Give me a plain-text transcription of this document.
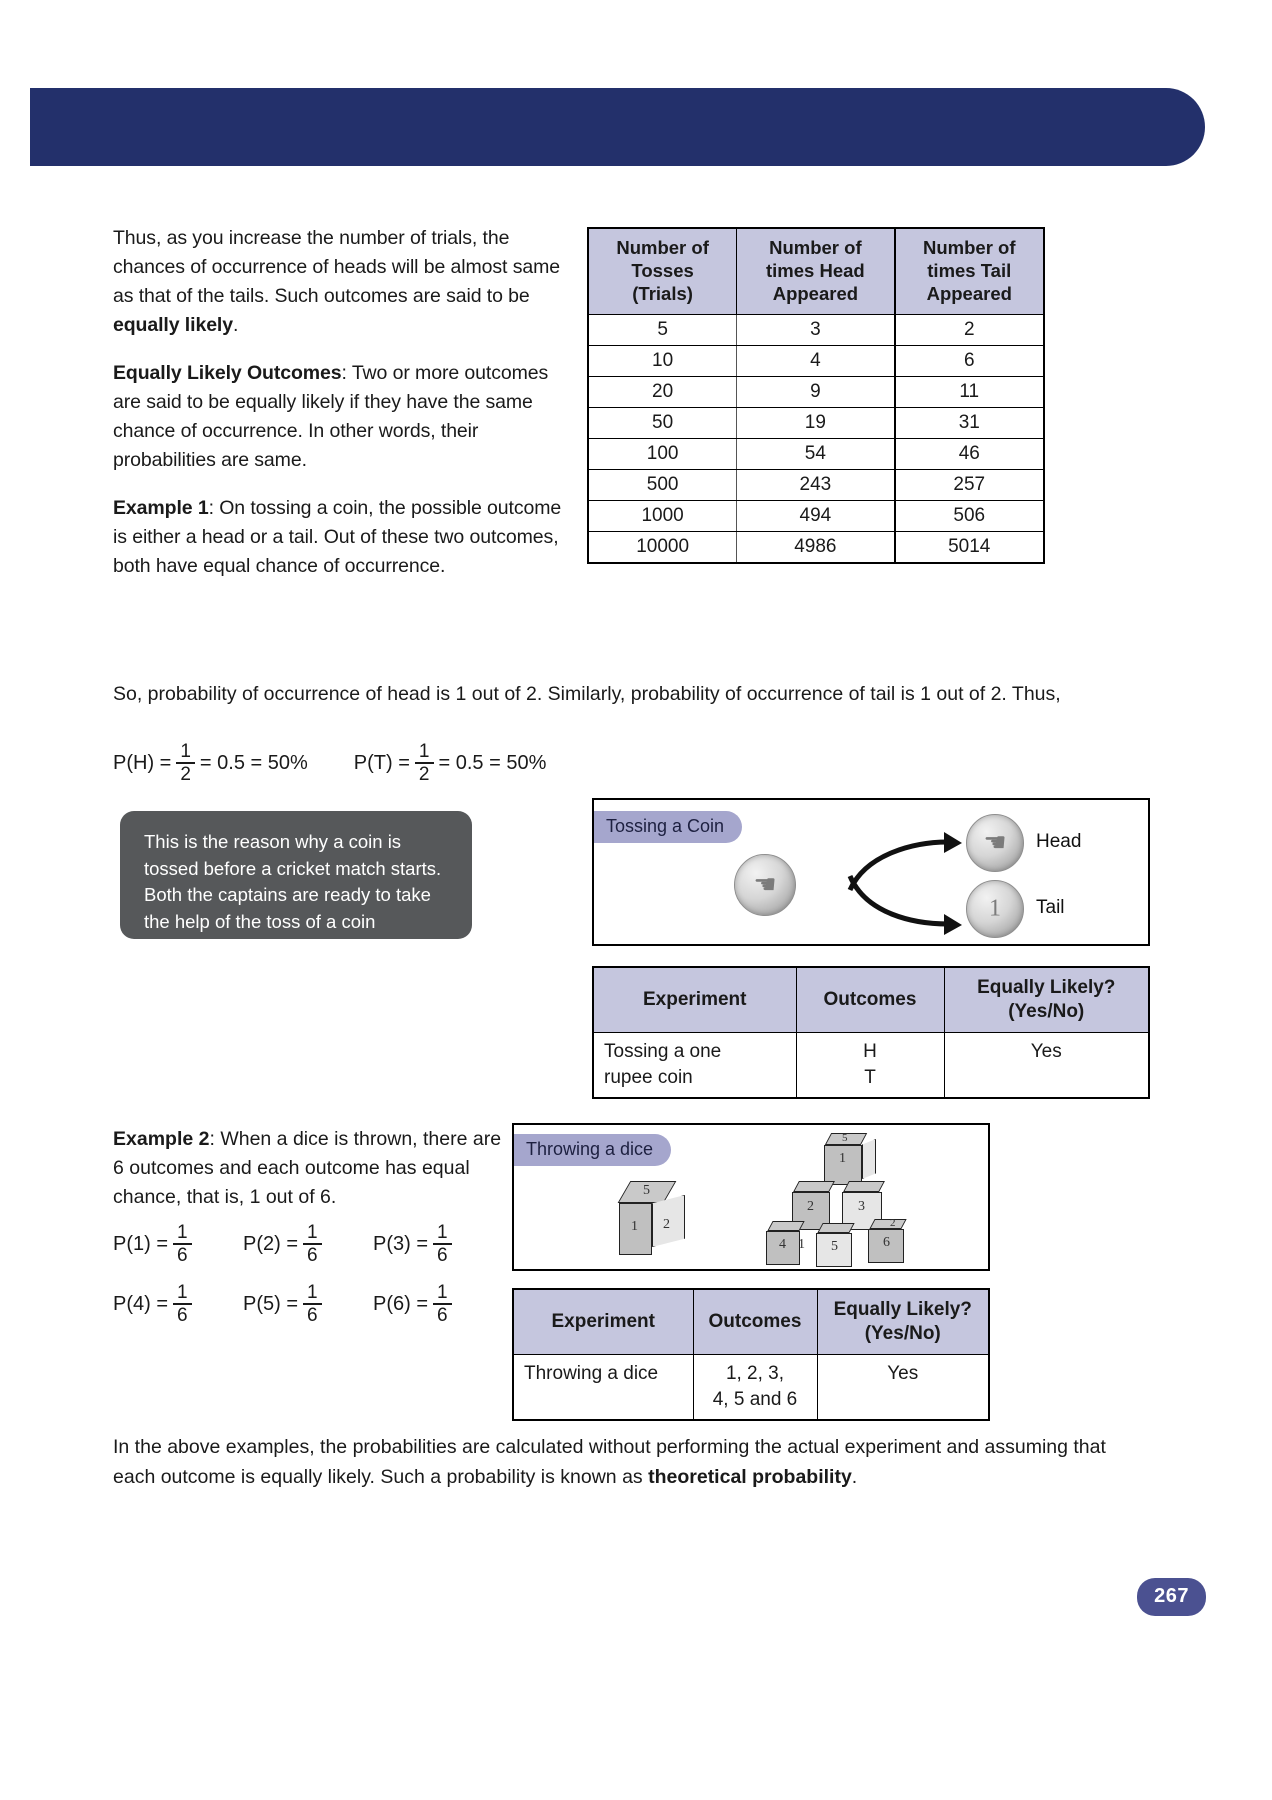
Thus, as you increase the number of trials, the chances of occurrence of heads will be almost same as that of the tails. Such outcomes are said to be equally likely.

Equally Likely Outcomes: Two or more outcomes are said to be equally likely if they have the same chance of occurrence. In other words, their probabilities are same.

Example 1: On tossing a coin, the possible outcome is either a head or a tail. Out of these two outcomes, both have equal chance of occurrence.

Number of
Tosses
(Trials)	Number of
times Head
Appeared	Number of
times Tail
Appeared
5	3	2
10	4	6
20	9	11
50	19	31
100	54	46
500	243	257
1000	494	506
10000	4986	5014
So, probability of occurrence of head is 1 out of 2. Similarly, probability of occurrence of tail is 1 out of 2. Thus,
$P(H) = \frac{1}{2} = 0.5 = 50\%$ $P(T) = \frac{1}{2} = 0.5 = 50\%$
This is the reason why a coin is tossed before a cricket match starts. Both the captains are ready to take the help of the toss of a coin because they know both the outcomes have the same chance of showing up. So the outcomes are equally likely.
Tossing a Coin
☚
☚	Head
1	Tail
Experiment	Outcomes	Equally Likely?
(Yes/No)
Tossing a one
rupee coin	H
T	Yes
Example 2: When a dice is thrown, there are 6 outcomes and each outcome has equal chance, that is, 1 out of 6.
$P(1) = \frac{1}{6}$	$P(2) = \frac{1}{6}$	$P(3) = \frac{1}{6}$
$P(4) = \frac{1}{6}$	$P(5) = \frac{1}{6}$	$P(6) = \frac{1}{6}$
Throwing a dice
5
1 2
5
1
2	3
4 1 5
2
6
Experiment	Outcomes	Equally Likely?
(Yes/No)
Throwing a dice	1, 2, 3,
4, 5 and 6	Yes
In the above examples, the probabilities are calculated without performing the actual experiment and assuming that each outcome is equally likely. Such a probability is known as theoretical probability.
267
